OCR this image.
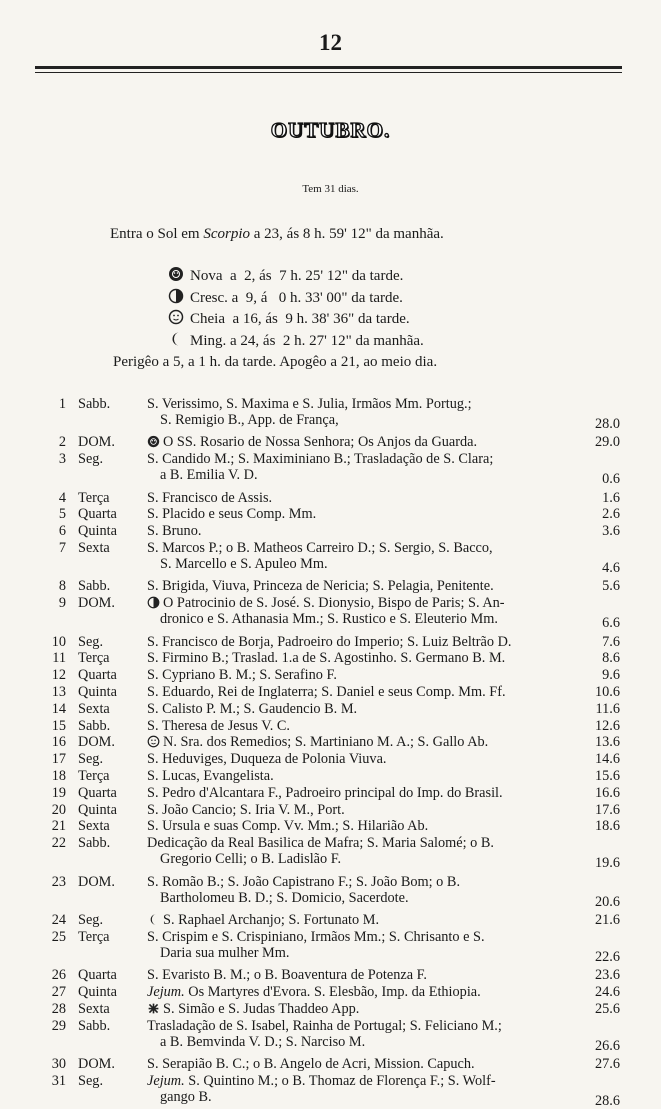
12
OUTUBRO.
Tem 31 dias.
Entra o Sol em Scorpio a 23, ás 8 h. 59' 12" da manhãa.
Nova  a  2, ás  7 h. 25' 12" da tarde.
Cresc. a  9, á   0 h. 33' 00" da tarde.
Cheia  a 16, ás  9 h. 38' 36" da tarde.
Ming. a 24, ás  2 h. 27' 12" da manhãa.
Perigêo a 5, a 1 h. da tarde. Apogêo a 21, ao meio dia.
1 Sabb.	S. Verissimo, S. Maxima e S. Julia, Irmãos Mm. Portug.;
S. Remigio B., App. de França,	28.0
2 DOM.	O SS. Rosario de Nossa Senhora; Os Anjos da Guarda.	29.0
3 Seg.	S. Candido M.; S. Maximiniano B.; Trasladação de S. Clara;
a B. Emilia V. D.	0.6
4 Terça	S. Francisco de Assis.	1.6
5 Quarta S. Placido e seus Comp. Mm.	2.6
6 Quinta S. Bruno.	3.6
7 Sexta	S. Marcos P.; o B. Matheos Carreiro D.; S. Sergio, S. Bacco,
S. Marcello e S. Apuleo Mm.	4.6
8 Sabb.	S. Brigida, Viuva, Princeza de Nericia; S. Pelagia, Penitente.	5.6
9 DOM.	O Patrocinio de S. José. S. Dionysio, Bispo de Paris; S. An-
dronico e S. Athanasia Mm.; S. Rustico e S. Eleuterio Mm.	6.6
10 Seg.	S. Francisco de Borja, Padroeiro do Imperio; S. Luiz Beltrão D.	7.6
11 Terça	S. Firmino B.; Traslad. 1.a de S. Agostinho. S. Germano B. M.	8.6
12 Quarta S. Cypriano B. M.; S. Serafino F.	9.6
13 Quinta S. Eduardo, Rei de Inglaterra; S. Daniel e seus Comp. Mm. Ff.	10.6
14 Sexta	S. Calisto P. M.; S. Gaudencio B. M.	11.6
15 Sabb.	S. Theresa de Jesus V. C.	12.6
16 DOM.	N. Sra. dos Remedios; S. Martiniano M. A.; S. Gallo Ab.	13.6
17 Seg.	S. Heduviges, Duqueza de Polonia Viuva.	14.6
18 Terça	S. Lucas, Evangelista.	15.6
19 Quarta S. Pedro d'Alcantara F., Padroeiro principal do Imp. do Brasil.	16.6
20 Quinta S. João Cancio; S. Iria V. M., Port.	17.6
21 Sexta	S. Ursula e suas Comp. Vv. Mm.; S. Hilarião Ab.	18.6
22 Sabb.	Dedicação da Real Basilica de Mafra; S. Maria Salomé; o B.
Gregorio Celli; o B. Ladislão F.	19.6
23 DOM. S. Romão B.; S. João Capistrano F.; S. João Bom; o B.
Bartholomeu B. D.; S. Domicio, Sacerdote.	20.6
24 Seg.	S. Raphael Archanjo; S. Fortunato M.	21.6
25 Terça	S. Crispim e S. Crispiniano, Irmãos Mm.; S. Chrisanto e S.
Daria sua mulher Mm.	22.6
26 Quarta S. Evaristo B. M.; o B. Boaventura de Potenza F.	23.6
27 Quinta Jejum. Os Martyres d'Evora. S. Elesbão, Imp. da Ethiopia.	24.6
28 Sexta	S. Simão e S. Judas Thaddeo App.	25.6
29 Sabb.	Trasladação de S. Isabel, Rainha de Portugal; S. Feliciano M.;
a B. Bemvinda V. D.; S. Narciso M.	26.6
30 DOM. S. Serapião B. C.; o B. Angelo de Acri, Mission. Capuch.	27.6
31 Seg.	Jejum. S. Quintino M.; o B. Thomaz de Florença F.; S. Wolf-
gango B.	28.6
